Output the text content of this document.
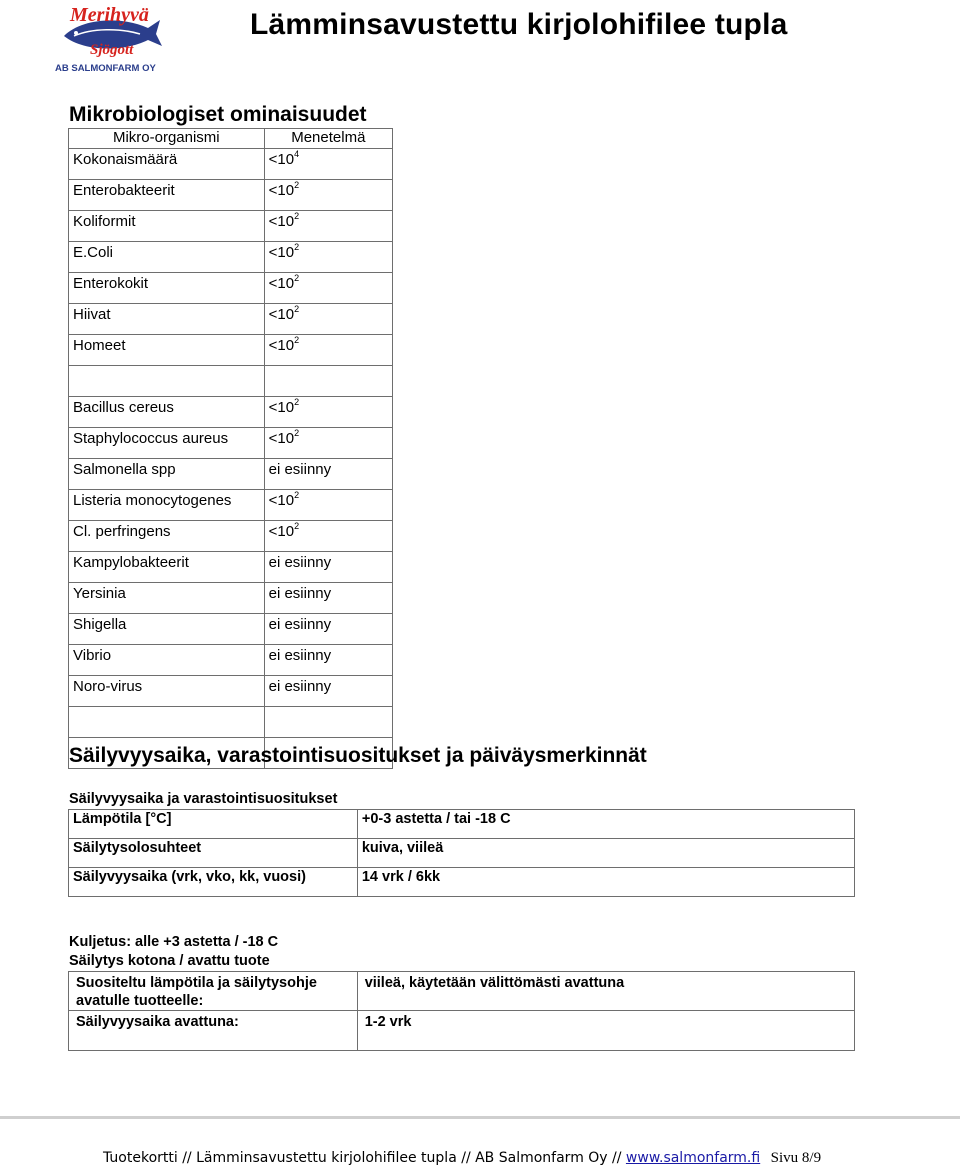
Merihyvä
Sjögott
AB SALMONFARM OY
Lämminsavustettu kirjolohifilee tupla
Mikrobiologiset ominaisuudet
Mikro-organismi	Menetelmä
Kokonaismäärä	$<10^4$
Enterobakteerit	$<10^2$
Koliformit	$<10^2$
E.Coli	$<10^2$
Enterokokit	$<10^2$
Hiivat	$<10^2$
Homeet	$<10^2$

Bacillus cereus	$<10^2$
Staphylococcus aureus	$<10^2$
Salmonella spp	ei esiinny
Listeria monocytogenes	$<10^2$
Cl. perfringens	$<10^2$
Kampylobakteerit	ei esiinny
Yersinia	ei esiinny
Shigella	ei esiinny
Vibrio	ei esiinny
Noro-virus	ei esiinny

Säilyvyysaika, varastointisuositukset ja päiväysmerkinnät
Säilyvyysaika ja varastointisuositukset
Lämpötila [°C]	+0-3 astetta / tai -18 C
Säilytysolosuhteet	kuiva, viileä
Säilyvyysaika (vrk, vko, kk, vuosi)	14 vrk / 6kk
Kuljetus: alle +3 astetta / -18 C
Säilytys kotona / avattu tuote
Suositeltu lämpötila ja säilytysohje avatulle tuotteelle:	viileä, käytetään välittömästi avattuna
Säilyvyysaika avattuna:	1-2 vrk
Tuotekortti // Lämminsavustettu kirjolohifilee tupla // AB Salmonfarm Oy // www.salmonfarm.fi Sivu 8/9
